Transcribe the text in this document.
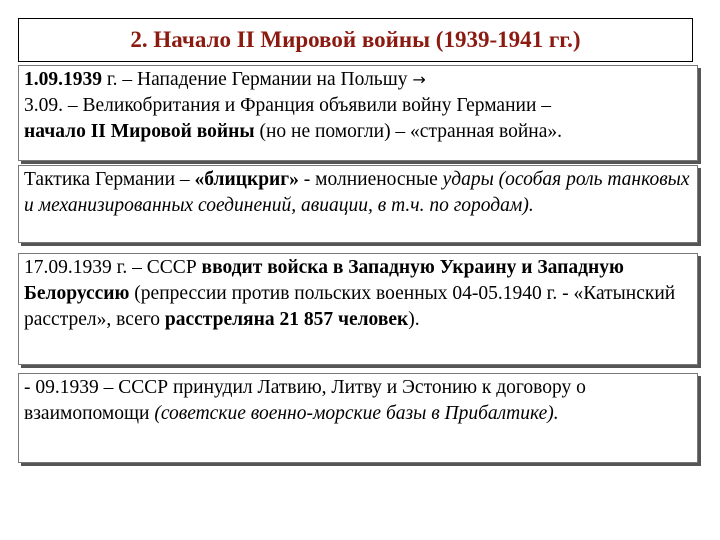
2. Начало II Мировой войны (1939-1941 гг.)

1.09.1939 г. – Нападение Германии на Польшу →

3.09. – Великобритания и Франция объявили войну Германии –

начало II Мировой войны (но не помогли) – «странная война».

Тактика Германии – «блицкриг» - молниеносные удары (особая роль танковых и механизированных соединений, авиации, в т.ч. по городам).

17.09.1939 г. – СССР вводит войска в Западную Украину и Западную Белоруссию (репрессии против польских военных 04-05.1940 г. - «Катынский расстрел», всего расстреляна 21 857 человек).

- 09.1939 – СССР принудил Латвию, Литву и Эстонию к договору о взаимопомощи (советские военно-морские базы в Прибалтике).
